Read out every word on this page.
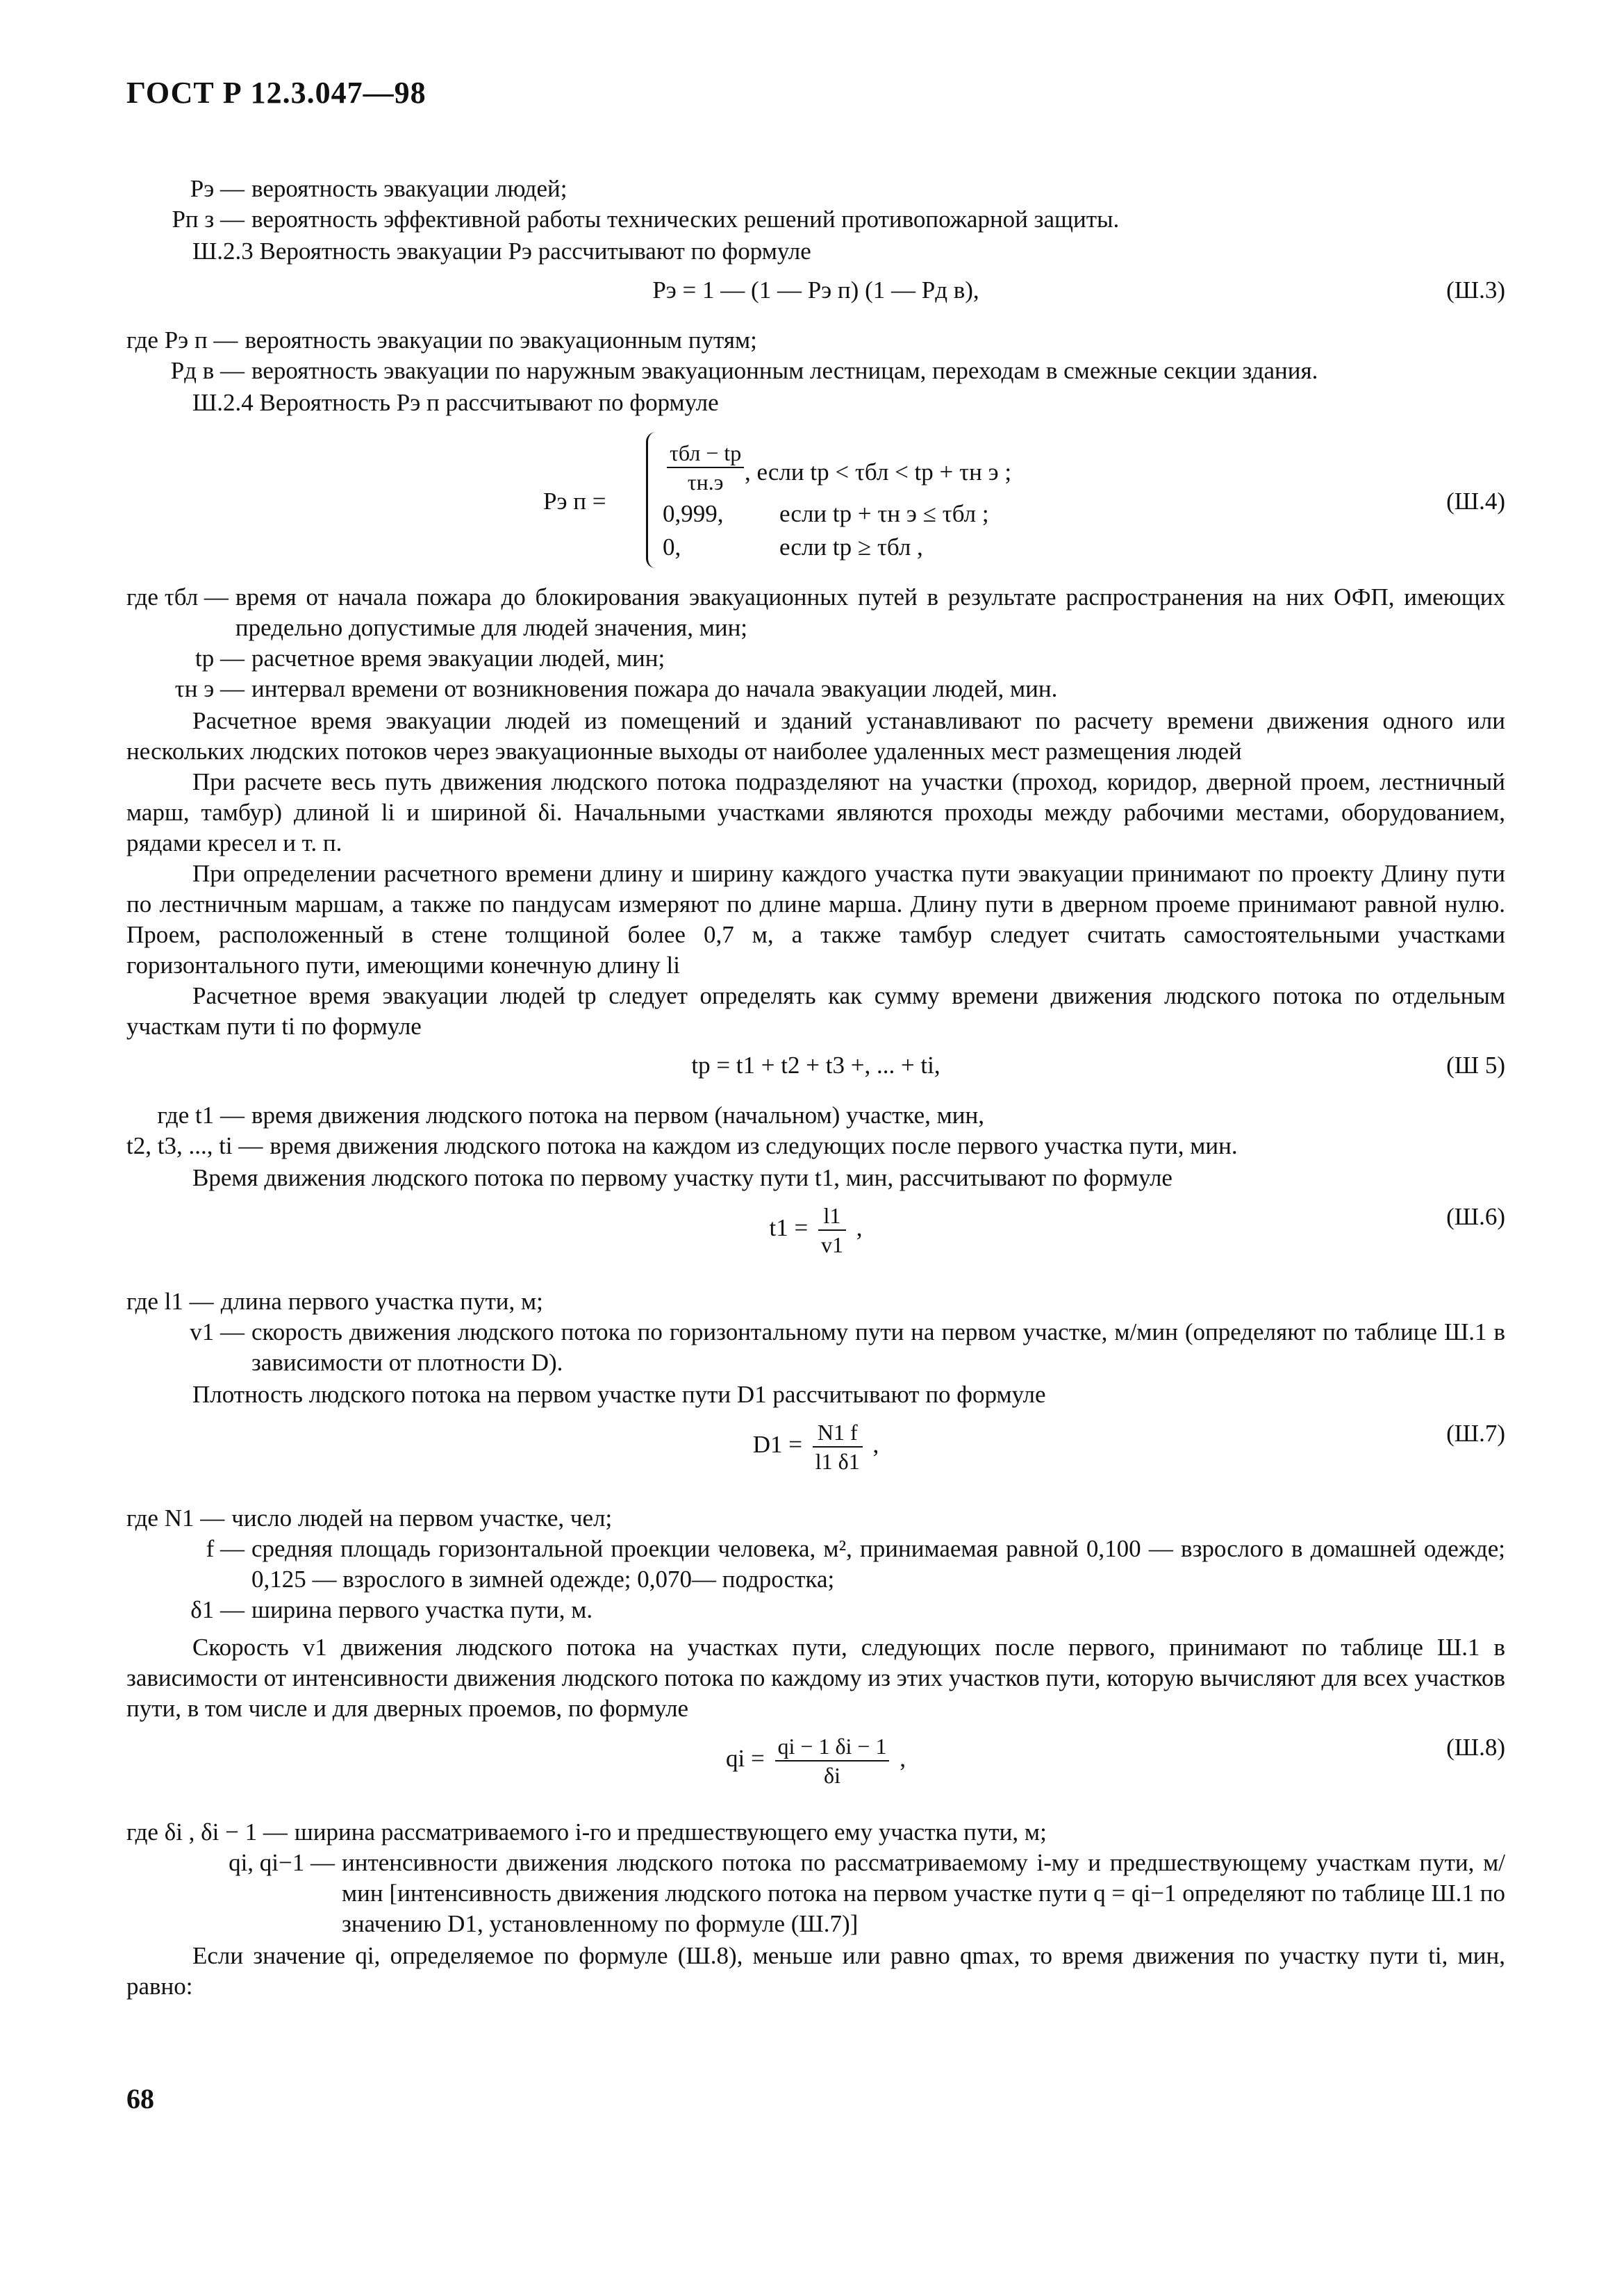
ГОСТ Р 12.3.047—98
Pэ — вероятность эвакуации людей;
Pп з — вероятность эффективной работы технических решений противопожарной защиты.

Ш.2.3 Вероятность эвакуации Pэ рассчитывают по формуле

Pэ = 1 — (1 — Pэ п) (1 — Pд в),	(Ш.3)
где Pэ п — вероятность эвакуации по эвакуационным путям;
Pд в — вероятность эвакуации по наружным эвакуационным лестницам, переходам в смежные секции здания.

Ш.2.4 Вероятность Pэ п рассчитывают по формуле

Pэ п =
$\frac{\text{τбл − tр}}{\tau н.э}$ , если tр < τбл < tр + τн э ;
0,999, если tр + τн э ≤ τбл ;
0,	если tр ≥ τбл ,
(Ш.4)
где τбл — время от начала пожара до блокирования эвакуационных путей в результате распространения на них ОФП, имеющих предельно допустимые для людей значения, мин;
tр — расчетное время эвакуации людей, мин;
τн э — интервал времени от возникновения пожара до начала эвакуации людей, мин.

Расчетное время эвакуации людей из помещений и зданий устанавливают по расчету времени движения одного или нескольких людских потоков через эвакуационные выходы от наиболее удаленных мест размещения людей

При расчете весь путь движения людского потока подразделяют на участки (проход, коридор, дверной проем, лестничный марш, тамбур) длиной li и шириной δi. Начальными участками являются проходы между рабочими местами, оборудованием, рядами кресел и т. п.

При определении расчетного времени длину и ширину каждого участка пути эвакуации принимают по проекту Длину пути по лестничным маршам, а также по пандусам измеряют по длине марша. Длину пути в дверном проеме принимают равной нулю. Проем, расположенный в стене толщиной более 0,7 м, а также тамбур следует считать самостоятельными участками горизонтального пути, имеющими конечную длину li

Расчетное время эвакуации людей tр следует определять как сумму времени движения людского потока по отдельным участкам пути ti по формуле

tр = t1 + t2 + t3 +, ... + ti,	(Ш 5)
где t1 — время движения людского потока на первом (начальном) участке, мин,
t2, t3, ..., ti — время движения людского потока на каждом из следующих после первого участка пути, мин.

Время движения людского потока по первому участку пути t1, мин, рассчитывают по формуле

$t1 = \frac{l1}{v1}$ ,	(Ш.6)
где l1 — длина первого участка пути, м;
v1 — скорость движения людского потока по горизонтальному пути на первом участке, м/мин (определяют по таблице Ш.1 в зависимости от плотности D).

Плотность людского потока на первом участке пути D1 рассчитывают по формуле

$D1 = \frac{N1 f}{l1 \delta 1}$ ,	(Ш.7)
где N1 — число людей на первом участке, чел;
f — средняя площадь горизонтальной проекции человека, м², принимаемая равной 0,100 — взрослого в домашней одежде; 0,125 — взрослого в зимней одежде; 0,070— подростка;
δ1 — ширина первого участка пути, м.

Скорость v1 движения людского потока на участках пути, следующих после первого, принимают по таблице Ш.1 в зависимости от интенсивности движения людского потока по каждому из этих участков пути, которую вычисляют для всех участков пути, в том числе и для дверных проемов, по формуле

qi = $\frac{qi - 1 \delta i - 1}{\delta i}$ ,	(Ш.8)
где δi , δi − 1 — ширина рассматриваемого i-го и предшествующего ему участка пути, м;
qi, qi−1 — интенсивности движения людского потока по рассматриваемому i-му и предшествующему участкам пути, м/мин [интенсивность движения людского потока на первом участке пути q = qi−1 определяют по таблице Ш.1 по значению D1, установленному по формуле (Ш.7)]

Если значение qi, определяемое по формуле (Ш.8), меньше или равно qmax, то время движения по участку пути ti, мин, равно:

68
